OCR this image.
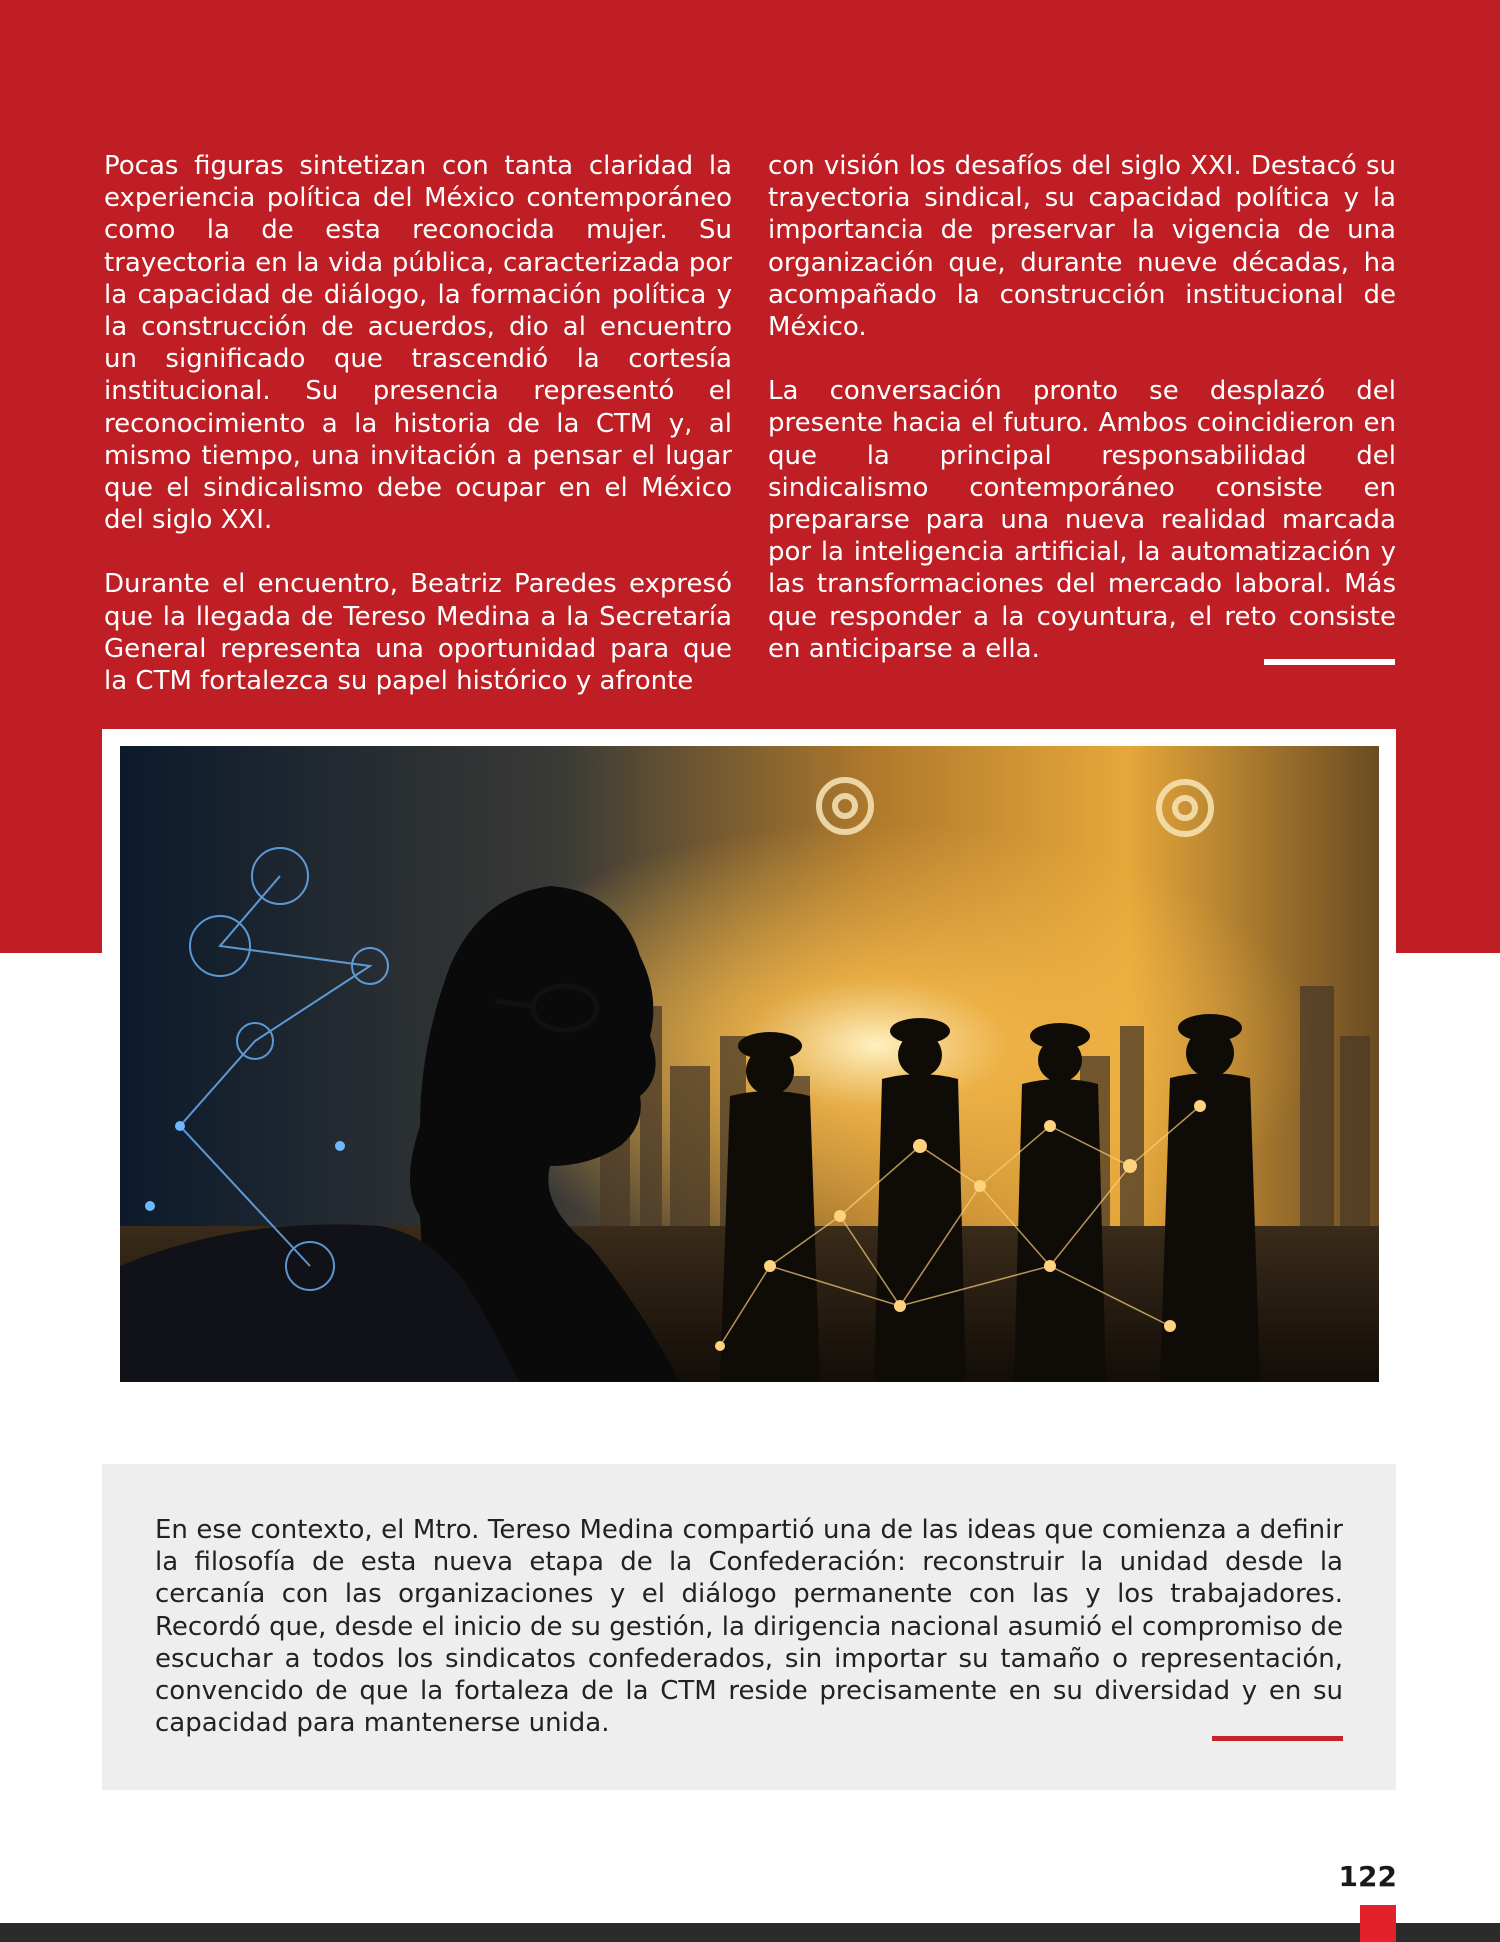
Pocas figuras sintetizan con tanta claridad la experiencia política del México contemporáneo como la de esta reconocida mujer. Su trayectoria en la vida pública, caracterizada por la capacidad de diálogo, la formación política y la construcción de acuerdos, dio al encuentro un significado que trascendió la cortesía institucional. Su presencia representó el reconocimiento a la historia de la CTM y, al mismo tiempo, una invitación a pensar el lugar que el sindicalismo debe ocupar en el México del siglo XXI.

Durante el encuentro, Beatriz Paredes expresó que la llegada de Tereso Medina a la Secretaría General representa una oportunidad para que la CTM fortalezca su papel histórico y afronte

con visión los desafíos del siglo XXI. Destacó su trayectoria sindical, su capacidad política y la importancia de preservar la vigencia de una organización que, durante nueve décadas, ha acompañado la construcción institucional de México.

La conversación pronto se desplazó del presente hacia el futuro. Ambos coincidieron en que la principal responsabilidad del sindicalismo contemporáneo consiste en prepararse para una nueva realidad marcada por la inteligencia artificial, la automatización y las transformaciones del mercado laboral. Más que responder a la coyuntura, el reto consiste en anticiparse a ella.

En ese contexto, el Mtro. Tereso Medina compartió una de las ideas que comienza a definir la filosofía de esta nueva etapa de la Confederación: reconstruir la unidad desde la cercanía con las organizaciones y el diálogo permanente con las y los trabajadores. Recordó que, desde el inicio de su gestión, la dirigencia nacional asumió el compromiso de escuchar a todos los sindicatos confederados, sin importar su tamaño o representación, convencido de que la fortaleza de la CTM reside precisamente en su diversidad y en su capacidad para mantenerse unida.

122
